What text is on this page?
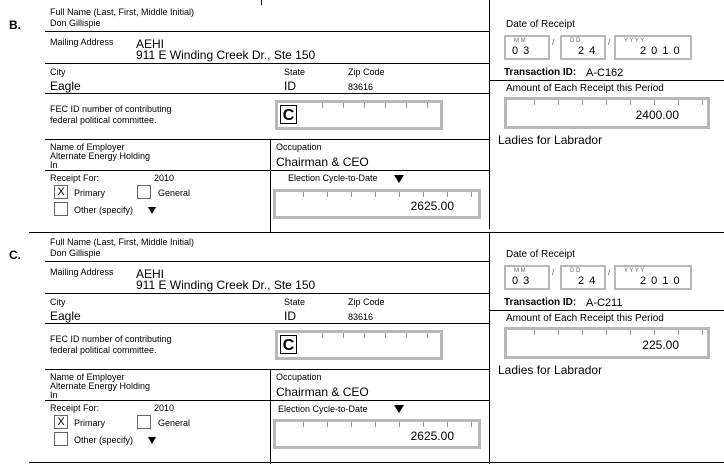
B.
Full Name (Last, First, Middle Initial)
Don Gillispie
Mailing Address AEHI
911 E Winding Creek Dr., Ste 150
City
Eagle
State
ID
Zip Code
83616
FEC ID number of contributing
federal political committee.	C
Name of Employer
Alternate Energy Holding
In
Occupation
Chairman & CEO
Receipt For:	2010
X	Primary	General
Other (specify)
Election Cycle-to-Date
2625.00
Date of Receipt
M M
0 3
/	D D
2 4
/ Y Y Y Y
2 0 1 0
Transaction ID: A-C162
Amount of Each Receipt this Period
2400.00
Ladies for Labrador
C.
Full Name (Last, First, Middle Initial)
Don Gillispie
Mailing Address AEHI
911 E Winding Creek Dr., Ste 150
City
Eagle
State
ID
Zip Code
83616
FEC ID number of contributing
federal political committee.	C
Name of Employer
Alternate Energy Holding
In
Occupation
Chairman & CEO
Receipt For:	2010
X	Primary	General
Other (specify)
Election Cycle-to-Date
2625.00
Date of Receipt
M M
0 3
/	D D
2 4
/ Y Y Y Y
2 0 1 0
Transaction ID: A-C211
Amount of Each Receipt this Period
225.00
Ladies for Labrador
